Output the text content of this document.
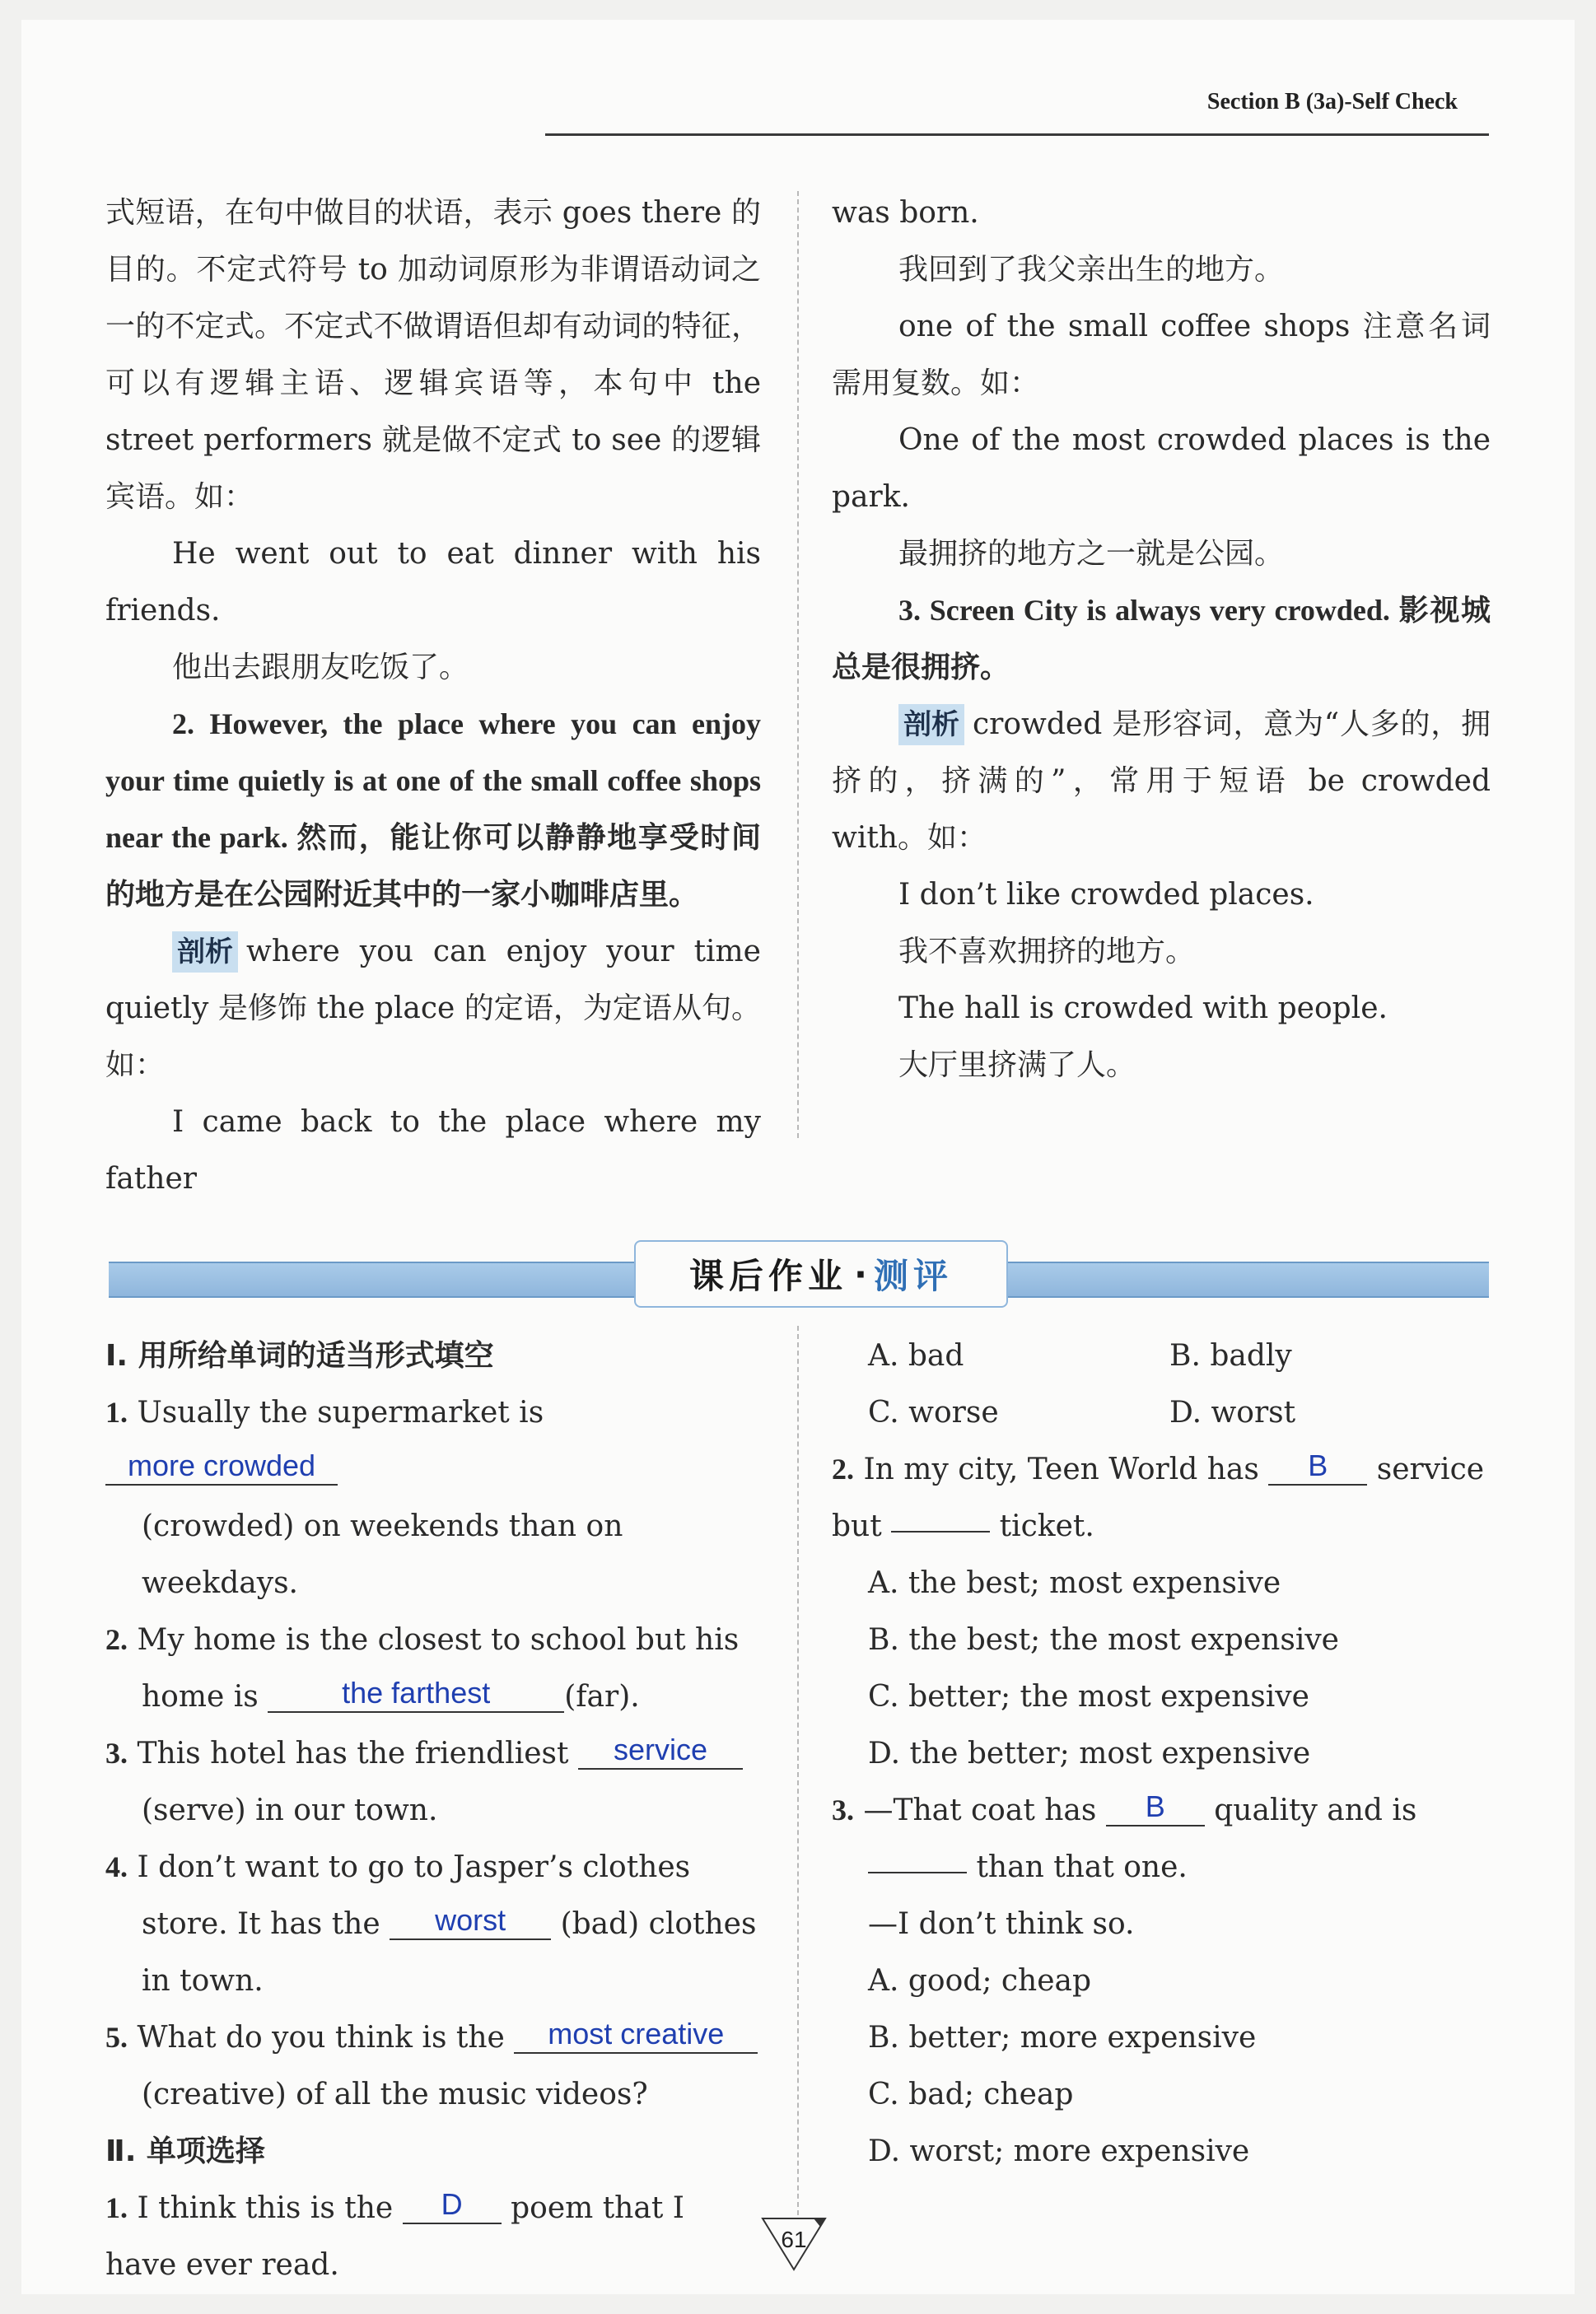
Section B (3a)-Self Check

式短语，在句中做目的状语，表示 goes there 的目的。不定式符号 to 加动词原形为非谓语动词之一的不定式。不定式不做谓语但却有动词的特征，可以有逻辑主语、逻辑宾语等，本句中 the street performers 就是做不定式 to see 的逻辑宾语。如：

He went out to eat dinner with his friends.

他出去跟朋友吃饭了。

2. However, the place where you can enjoy your time quietly is at one of the small coffee shops near the park. 然而，能让你可以静静地享受时间的地方是在公园附近其中的一家小咖啡店里。

剖析 where you can enjoy your time quietly 是修饰 the place 的定语，为定语从句。如：

I came back to the place where my father

was born.

我回到了我父亲出生的地方。

one of the small coffee shops 注意名词需用复数。如：

One of the most crowded places is the park.

最拥挤的地方之一就是公园。

3. Screen City is always very crowded. 影视城总是很拥挤。

剖析 crowded 是形容词，意为“人多的，拥挤的，挤满的”，常用于短语 be crowded with。如：

I don’t like crowded places.

我不喜欢拥挤的地方。

The hall is crowded with people.

大厅里挤满了人。

课后作业 · 测评

Ⅰ. 用所给单词的适当形式填空

1. Usually the supermarket is more crowded

(crowded) on weekends than on weekdays.

2. My home is the closest to school but his home is	the farthest (far).

3. This hotel has the friendliest service

(serve) in our town.

4. I don’t want to go to Jasper’s clothes store. It has the worst (bad) clothes in town.

5. What do you think is the most creative

(creative) of all the music videos?

Ⅱ. 单项选择

1. I think this is the D poem that I have ever read.

A. bad	B. badly

C. worse	D. worst

2. In my city, Teen World has B service but	ticket.

A. the best; most expensive

B. the best; the most expensive

C. better; the most expensive

D. the better; most expensive

3. —That coat has B quality and is

than that one.

—I don’t think so.

A. good; cheap

B. better; more expensive

C. bad; cheap

D. worst; more expensive

61
